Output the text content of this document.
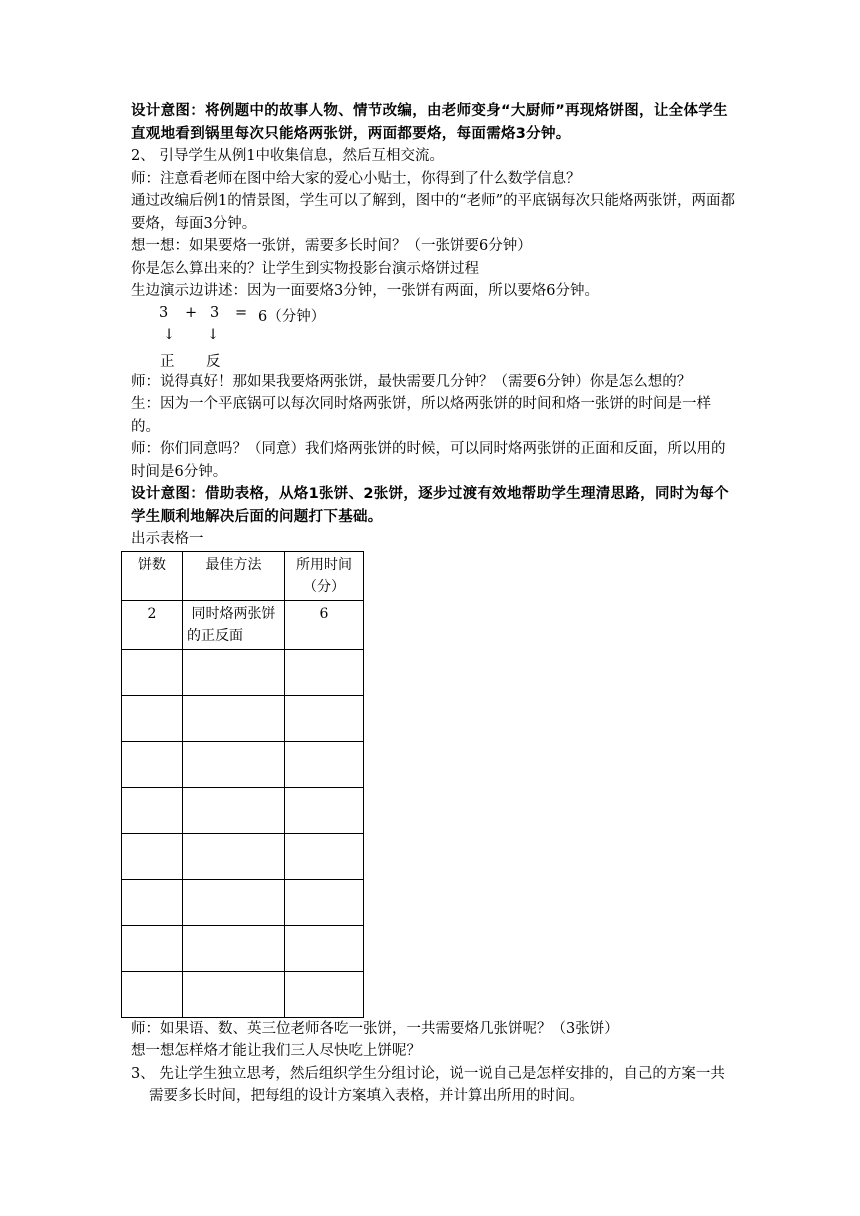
设计意图：将例题中的故事人物、情节改编，由老师变身“大厨师”再现烙饼图，让全体学生直观地看到锅里每次只能烙两张饼，两面都要烙，每面需烙3分钟。

2、 引导学生从例1中收集信息，然后互相交流。

师：注意看老师在图中给大家的爱心小贴士，你得到了什么数学信息？

通过改编后例1的情景图，学生可以了解到，图中的“老师”的平底锅每次只能烙两张饼，两面都要烙，每面3分钟。

想一想：如果要烙一张饼，需要多长时间？（一张饼要6分钟）

你是怎么算出来的？让学生到实物投影台演示烙饼过程

生边演示边讲述：因为一面要烙3分钟，一张饼有两面，所以要烙6分钟。

3 + 3 = 6（分钟）
↓ ↓
正 反

师：说得真好！那如果我要烙两张饼，最快需要几分钟？（需要6分钟）你是怎么想的？

生：因为一个平底锅可以每次同时烙两张饼，所以烙两张饼的时间和烙一张饼的时间是一样的。

师：你们同意吗？（同意）我们烙两张饼的时候，可以同时烙两张饼的正面和反面，所以用的时间是6分钟。

设计意图：借助表格，从烙1张饼、2张饼，逐步过渡有效地帮助学生理清思路，同时为每个学生顺利地解决后面的问题打下基础。

出示表格一

饼数	最佳方法	所用时间（分）
2	同时烙两张饼的正反面	6

师：如果语、数、英三位老师各吃一张饼，一共需要烙几张饼呢？（3张饼）

想一想怎样烙才能让我们三人尽快吃上饼呢？

3、 先让学生独立思考，然后组织学生分组讨论，说一说自己是怎样安排的，自己的方案一共需要多长时间，把每组的设计方案填入表格，并计算出所用的时间。
